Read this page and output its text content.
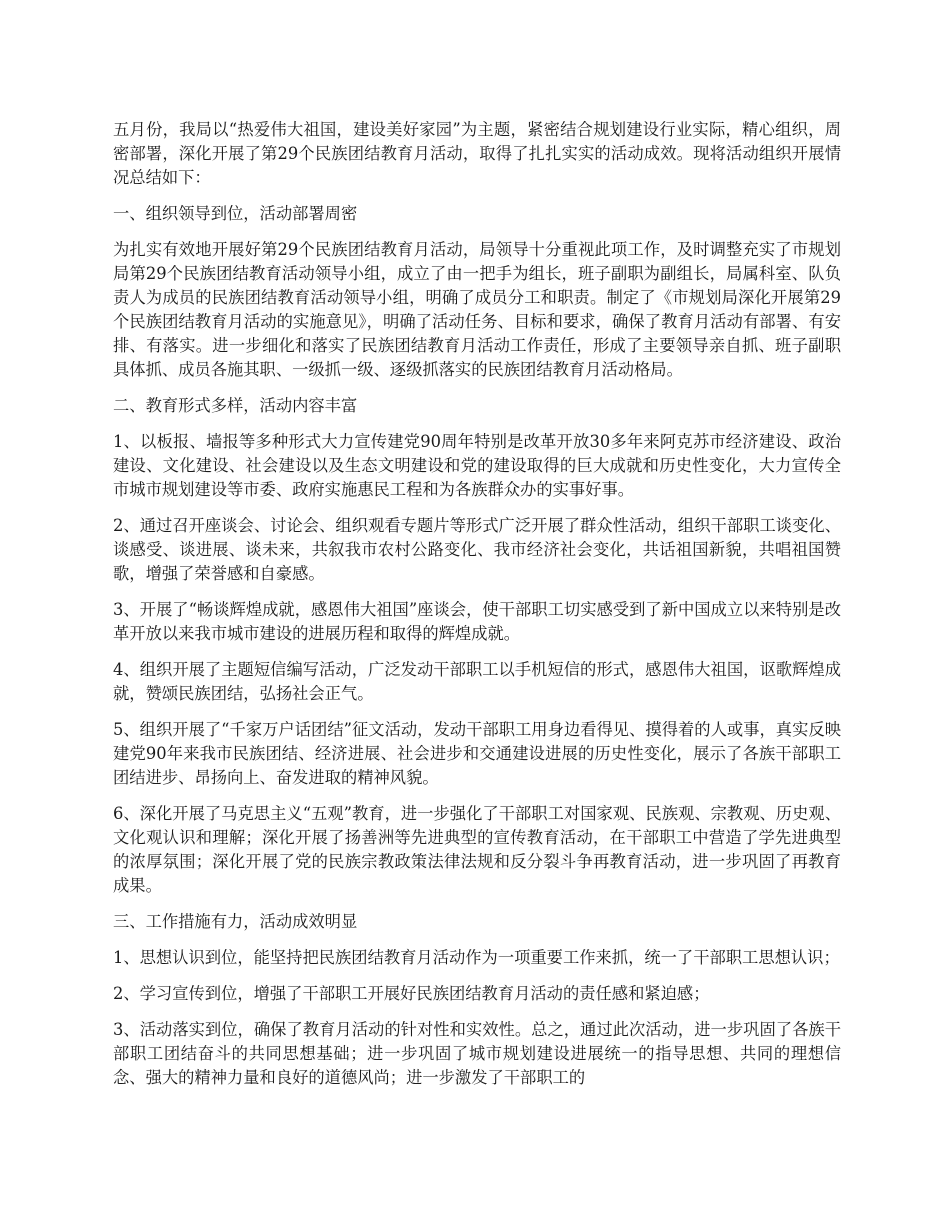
五月份，我局以“热爱伟大祖国，建设美好家园”为主题，紧密结合规划建设行业实际，精心组织，周密部署，深化开展了第29个民族团结教育月活动，取得了扎扎实实的活动成效。现将活动组织开展情况总结如下：

一、组织领导到位，活动部署周密

为扎实有效地开展好第29个民族团结教育月活动，局领导十分重视此项工作，及时调整充实了市规划局第29个民族团结教育活动领导小组，成立了由一把手为组长，班子副职为副组长，局属科室、队负责人为成员的民族团结教育活动领导小组，明确了成员分工和职责。制定了《市规划局深化开展第29个民族团结教育月活动的实施意见》，明确了活动任务、目标和要求，确保了教育月活动有部署、有安排、有落实。进一步细化和落实了民族团结教育月活动工作责任，形成了主要领导亲自抓、班子副职具体抓、成员各施其职、一级抓一级、逐级抓落实的民族团结教育月活动格局。

二、教育形式多样，活动内容丰富

1、以板报、墙报等多种形式大力宣传建党90周年特别是改革开放30多年来阿克苏市经济建设、政治建设、文化建设、社会建设以及生态文明建设和党的建设取得的巨大成就和历史性变化，大力宣传全市城市规划建设等市委、政府实施惠民工程和为各族群众办的实事好事。

2、通过召开座谈会、讨论会、组织观看专题片等形式广泛开展了群众性活动，组织干部职工谈变化、谈感受、谈进展、谈未来，共叙我市农村公路变化、我市经济社会变化，共话祖国新貌，共唱祖国赞歌，增强了荣誉感和自豪感。

3、开展了“畅谈辉煌成就，感恩伟大祖国”座谈会，使干部职工切实感受到了新中国成立以来特别是改革开放以来我市城市建设的进展历程和取得的辉煌成就。

4、组织开展了主题短信编写活动，广泛发动干部职工以手机短信的形式，感恩伟大祖国，讴歌辉煌成就，赞颂民族团结，弘扬社会正气。

5、组织开展了“千家万户话团结”征文活动，发动干部职工用身边看得见、摸得着的人或事，真实反映建党90年来我市民族团结、经济进展、社会进步和交通建设进展的历史性变化，展示了各族干部职工团结进步、昂扬向上、奋发进取的精神风貌。

6、深化开展了马克思主义“五观”教育，进一步强化了干部职工对国家观、民族观、宗教观、历史观、文化观认识和理解；深化开展了扬善洲等先进典型的宣传教育活动，在干部职工中营造了学先进典型的浓厚氛围；深化开展了党的民族宗教政策法律法规和反分裂斗争再教育活动，进一步巩固了再教育成果。

三、工作措施有力，活动成效明显

1、思想认识到位，能坚持把民族团结教育月活动作为一项重要工作来抓，统一了干部职工思想认识；

2、学习宣传到位，增强了干部职工开展好民族团结教育月活动的责任感和紧迫感；

3、活动落实到位，确保了教育月活动的针对性和实效性。总之，通过此次活动，进一步巩固了各族干部职工团结奋斗的共同思想基础；进一步巩固了城市规划建设进展统一的指导思想、共同的理想信念、强大的精神力量和良好的道德风尚；进一步激发了干部职工的
